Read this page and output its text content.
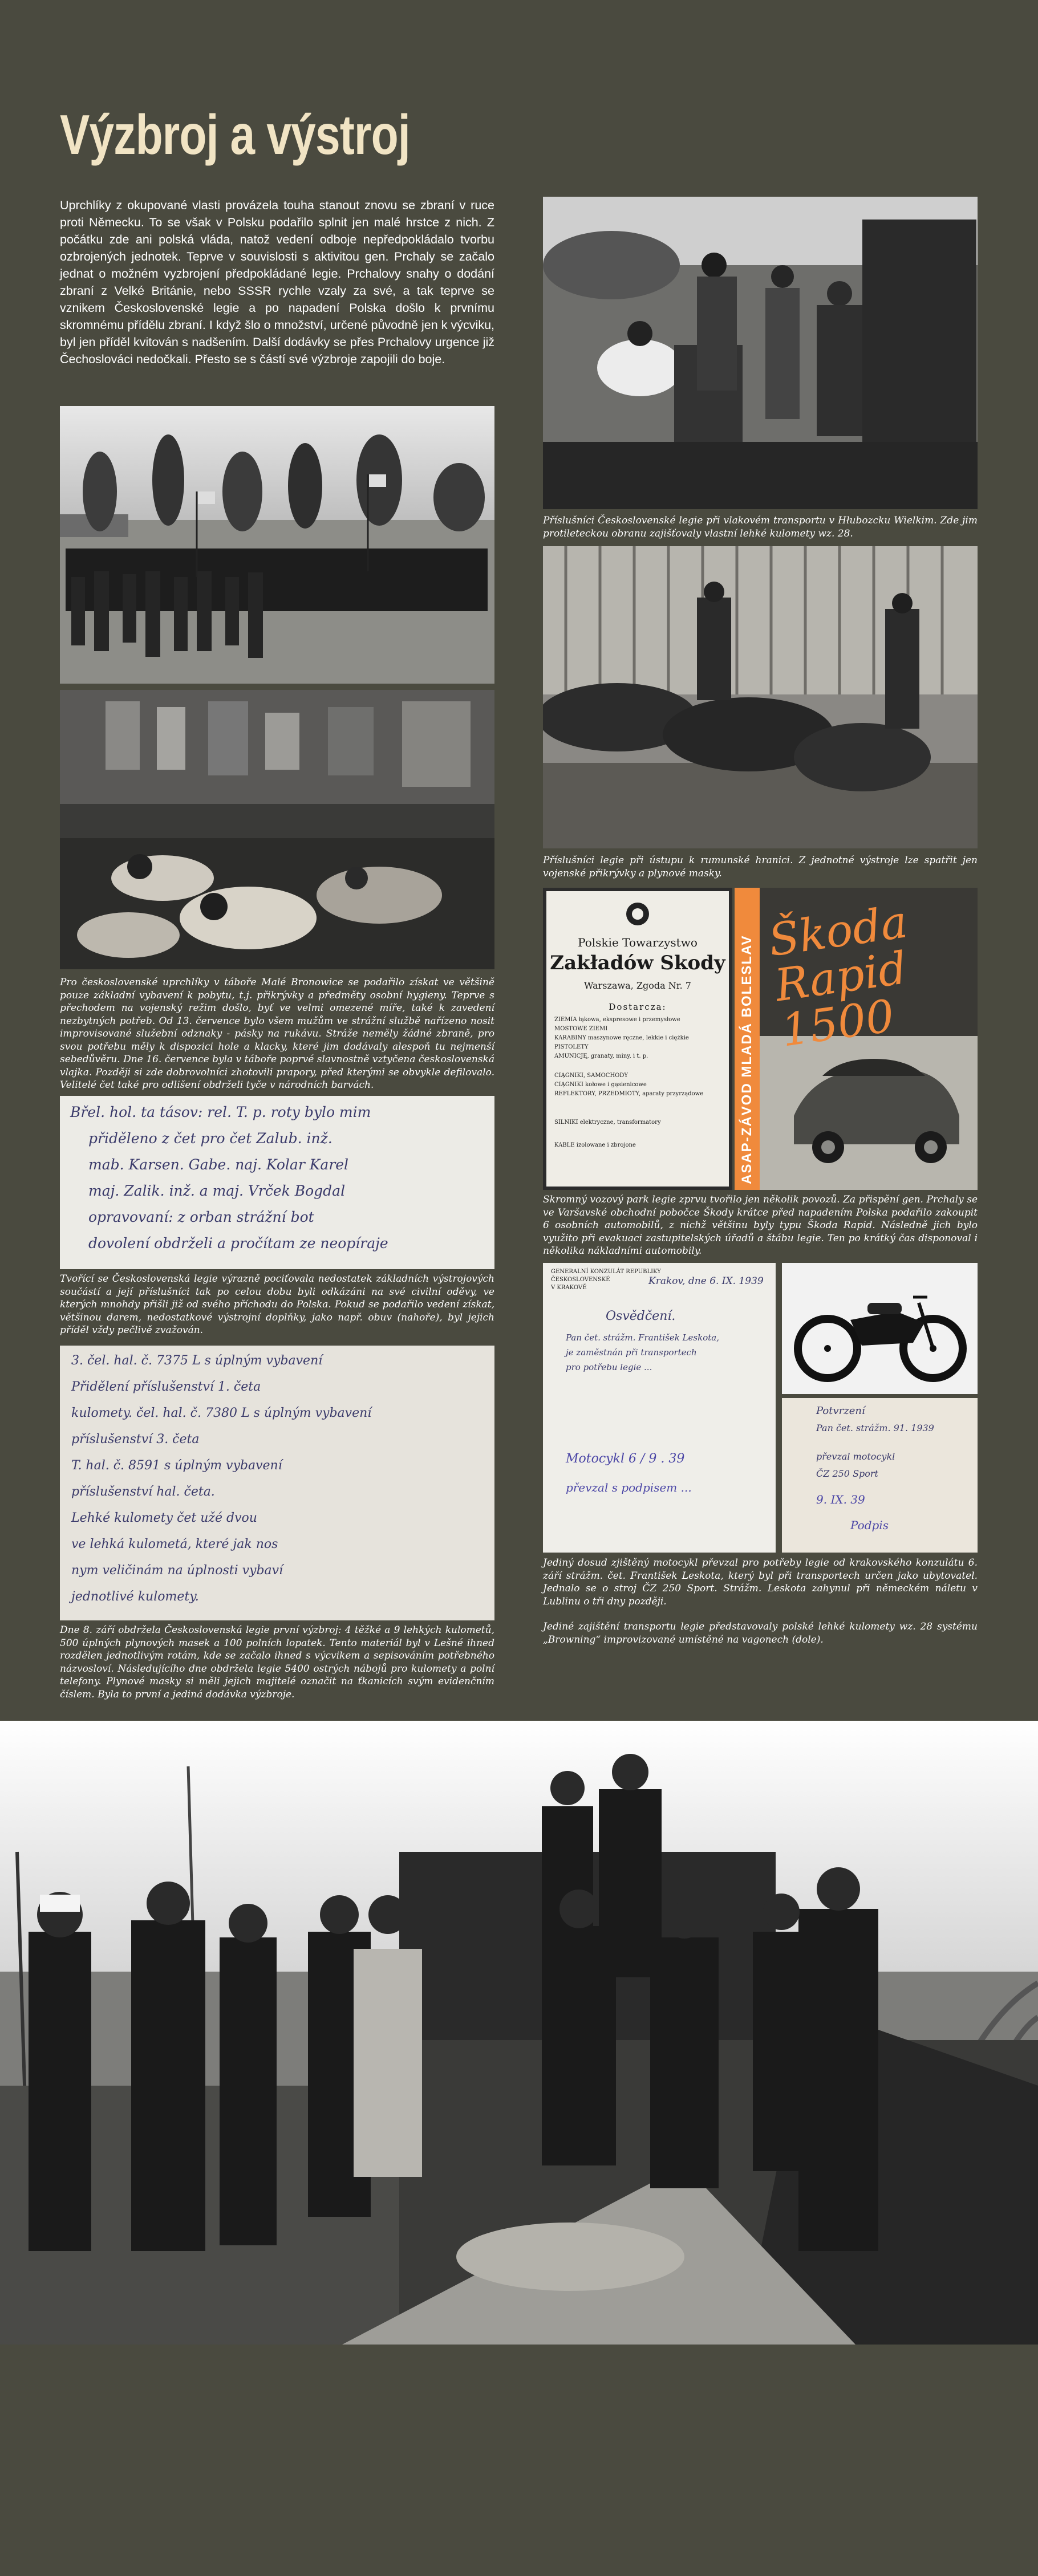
Výzbroj a výstroj
Uprchlíky z okupované vlasti provázela touha stanout znovu se zbraní v ruce proti Německu. To se však v Polsku podařilo splnit jen malé hrstce z nich. Z počátku zde ani polská vláda, natož vedení odboje nepředpokládalo tvorbu ozbrojených jednotek. Teprve v souvislosti s aktivitou gen. Prchaly se začalo jednat o možném vyzbrojení předpokládané legie. Prchalovy snahy o dodání zbraní z Velké Británie, nebo SSSR rychle vzaly za své, a tak teprve se vznikem Československé legie a po napadení Polska došlo k prvnímu skromnému přídělu zbraní. I když šlo o množství, určené původně jen k výcviku, byl jen příděl kvitován s nadšením. Další dodávky se přes Prchalovy urgence již Čechoslováci nedočkali. Přesto se s částí své výzbroje zapojili do boje.
Pro československé uprchlíky v táboře Malé Bronowice se podařilo získat ve většině pouze základní vybavení k pobytu, t.j. přikrývky a předměty osobní hygieny. Teprve s přechodem na vojenský režim došlo, byť ve velmi omezené míře, také k zavedení nezbytných potřeb. Od 13. července bylo všem mužům ve strážní službě nařízeno nosit improvisované služební odznaky - pásky na rukávu. Stráže neměly žádné zbraně, pro svou potřebu měly k dispozici hole a klacky, které jim dodávaly alespoň tu nejmenší sebedůvěru. Dne 16. července byla v táboře poprvé slavnostně vztyčena československá vlajka. Později si zde dobrovolníci zhotovili prapory, před kterými se obvykle defilovalo. Velitelé čet také pro odlišení obdrželi tyče v národních barvách.
Břel. hol. ta tásov: rel. T. p. roty bylo mim
přiděleno z čet pro čet Zalub. inž.
mab. Karsen. Gabe. naj. Kolar Karel
maj. Zalik. inž. a maj. Vrček Bogdal
opravovaní: z orban strážní bot
dovolení obdrželi a pročítam ze neopíraje
Tvořící se Československá legie výrazně pociťovala nedostatek základních výstrojových součástí a její příslušníci tak po celou dobu byli odkázáni na své civilní oděvy, ve kterých mnohdy přišli již od svého příchodu do Polska. Pokud se podařilo vedení získat, většinou darem, nedostatkové výstrojní doplňky, jako např. obuv (nahoře), byl jejich příděl vždy pečlivě zvažován.
3. čel. hal. č. 7375 L s úplným vybavení
Přidělení příslušenství 1. četa
kulomety. čel. hal. č. 7380 L s úplným vybavení
příslušenství 3. četa
T. hal. č. 8591 s úplným vybavení
příslušenství hal. četa.
Lehké kulomety čet užé dvou
ve lehká kulometá, které jak nos
nym veličinám na úplnosti vybaví
jednotlivé kulomety.
Dne 8. září obdržela Československá legie první výzbroj: 4 těžké a 9 lehkých kulometů, 500 úplných plynových masek a 100 polních lopatek. Tento materiál byl v Lešné ihned rozdělen jednotlivým rotám, kde se začalo ihned s výcvikem a sepisováním potřebného názvosloví. Následujícího dne obdržela legie 5400 ostrých nábojů pro kulomety a polní telefony. Plynové masky si měli jejich majitelé označit na ťkanicích svým evidenčním číslem. Byla to první a jediná dodávka výzbroje.
Příslušníci Československé legie při vlakovém transportu v Hłubozcku Wielkim. Zde jim protileteckou obranu zajišťovaly vlastní lehké kulomety wz. 28.
Příslušníci legie při ústupu k rumunské hranici. Z jednotné výstroje lze spatřit jen vojenské přikrývky a plynové masky.
Polskie Towarzystwo
Zakładów Skody
Warszawa, Zgoda Nr. 7
Dostarcza:
ZIEMIA łąkowa, ekspresowe i przemysłowe
MOSTOWE ZIEMI
KARABINY maszynowe ręczne, lekkie i ciężkie
PISTOLETY
AMUNICJĘ, granaty, miny, i t. p.
CIĄGNIKI, SAMOCHODY
CIĄGNIKI kołowe i gąsienicowe
REFLEKTORY, PRZEDMIOTY, aparaty przyrządowe
SILNIKI elektryczne, transformatory
KABLE izolowane i zbrojone	ASAP-ZÁVOD MLADÁ BOLESLAV
Škoda Rapid 1500
Skromný vozový park legie zprvu tvořilo jen několik povozů. Za přispění gen. Prchaly se ve Varšavské obchodní pobočce Škody krátce před napadením Polska podařilo zakoupit 6 osobních automobilů, z nichž většinu byly typu Škoda Rapid. Následně jich bylo využito při evakuaci zastupitelských úřadů a štábu legie. Ten po krátký čas disponoval i několika nákladními automobily.
GENERALNÍ KONZULÁT REPUBLIKY
ČESKOSLOVENSKÉ
V KRAKOVĚ
Krakov, dne 6. IX. 1939
Osvědčení.
Pan čet. strážm. František Leskota,
je zaměstnán při transportech
pro potřebu legie ...
Motocykl 6 / 9 . 39
převzal s podpisem ...
Potvrzení
Pan čet. strážm. 91. 1939
převzal motocykl
ČZ 250 Sport
9. IX. 39
Podpis
Jediný dosud zjištěný motocykl převzal pro potřeby legie od krakovského konzulátu 6. září strážm. čet. František Leskota, který byl při transportech určen jako ubytovatel. Jednalo se o stroj ČZ 250 Sport. Strážm. Leskota zahynul při německém náletu v Lublinu o tři dny později.
Jediné zajištění transportu legie představovaly polské lehké kulomety wz. 28 systému „Browning“ improvizované umístěné na vagonech (dole).
